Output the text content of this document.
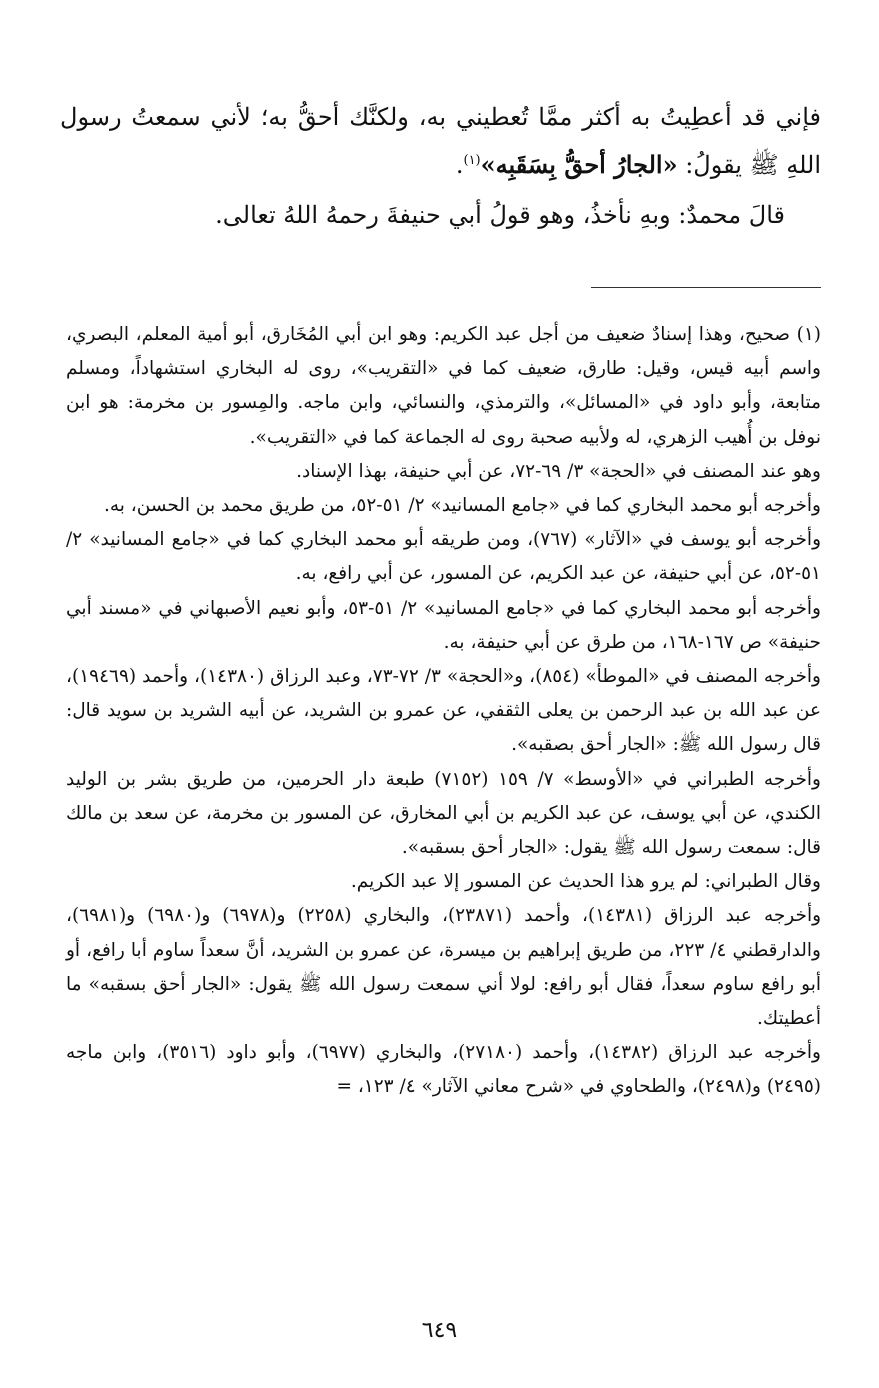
فإني قد أعطِيتُ به أكثر ممَّا تُعطيني به، ولكنَّك أحقُّ به؛ لأني سمعتُ رسول اللهِ ﷺ يقولُ: «الجارُ أحقُّ بِسَقَبِه»$^{(١)}$.

قالَ محمدٌ: وبهِ نأخذُ، وهو قولُ أبي حنيفةَ رحمهُ اللهُ تعالى.

(١) صحيح، وهذا إسنادٌ ضعيف من أجل عبد الكريم: وهو ابن أبي المُخَارق، أبو أمية المعلم، البصري، واسم أبيه قيس، وقيل: طارق، ضعيف كما في «التقريب»، روى له البخاري استشهاداً، ومسلم متابعة، وأبو داود في «المسائل»، والترمذي، والنسائي، وابن ماجه. والمِسور بن مخرمة: هو ابن نوفل بن أُهيب الزهري، له ولأبيه صحبة روى له الجماعة كما في «التقريب».

وهو عند المصنف في «الحجة» ٣/ ٦٩-٧٢، عن أبي حنيفة، بهذا الإسناد.

وأخرجه أبو محمد البخاري كما في «جامع المسانيد» ٢/ ٥١-٥٢، من طريق محمد بن الحسن، به.

وأخرجه أبو يوسف في «الآثار» (٧٦٧)، ومن طريقه أبو محمد البخاري كما في «جامع المسانيد» ٢/ ٥١-٥٢، عن أبي حنيفة، عن عبد الكريم، عن المسور، عن أبي رافع، به.

وأخرجه أبو محمد البخاري كما في «جامع المسانيد» ٢/ ٥١-٥٣، وأبو نعيم الأصبهاني في «مسند أبي حنيفة» ص ١٦٧-١٦٨، من طرق عن أبي حنيفة، به.

وأخرجه المصنف في «الموطأ» (٨٥٤)، و«الحجة» ٣/ ٧٢-٧٣، وعبد الرزاق (١٤٣٨٠)، وأحمد (١٩٤٦٩)، عن عبد الله بن عبد الرحمن بن يعلى الثقفي، عن عمرو بن الشريد، عن أبيه الشريد بن سويد قال: قال رسول الله ﷺ: «الجار أحق بصقبه».

وأخرجه الطبراني في «الأوسط» ٧/ ١٥٩ (٧١٥٢) طبعة دار الحرمين، من طريق بشر بن الوليد الكندي، عن أبي يوسف، عن عبد الكريم بن أبي المخارق، عن المسور بن مخرمة، عن سعد بن مالك قال: سمعت رسول الله ﷺ يقول: «الجار أحق بسقبه».

وقال الطبراني: لم يرو هذا الحديث عن المسور إلا عبد الكريم.

وأخرجه عبد الرزاق (١٤٣٨١)، وأحمد (٢٣٨٧١)، والبخاري (٢٢٥٨) و(٦٩٧٨) و(٦٩٨٠) و(٦٩٨١)، والدارقطني ٤/ ٢٢٣، من طريق إبراهيم بن ميسرة، عن عمرو بن الشريد، أنَّ سعداً ساوم أبا رافع، أو أبو رافع ساوم سعداً، فقال أبو رافع: لولا أني سمعت رسول الله ﷺ يقول: «الجار أحق بسقبه» ما أعطيتك.

وأخرجه عبد الرزاق (١٤٣٨٢)، وأحمد (٢٧١٨٠)، والبخاري (٦٩٧٧)، وأبو داود (٣٥١٦)، وابن ماجه (٢٤٩٥) و(٢٤٩٨)، والطحاوي في «شرح معاني الآثار» ٤/ ١٢٣، =

٦٤٩
